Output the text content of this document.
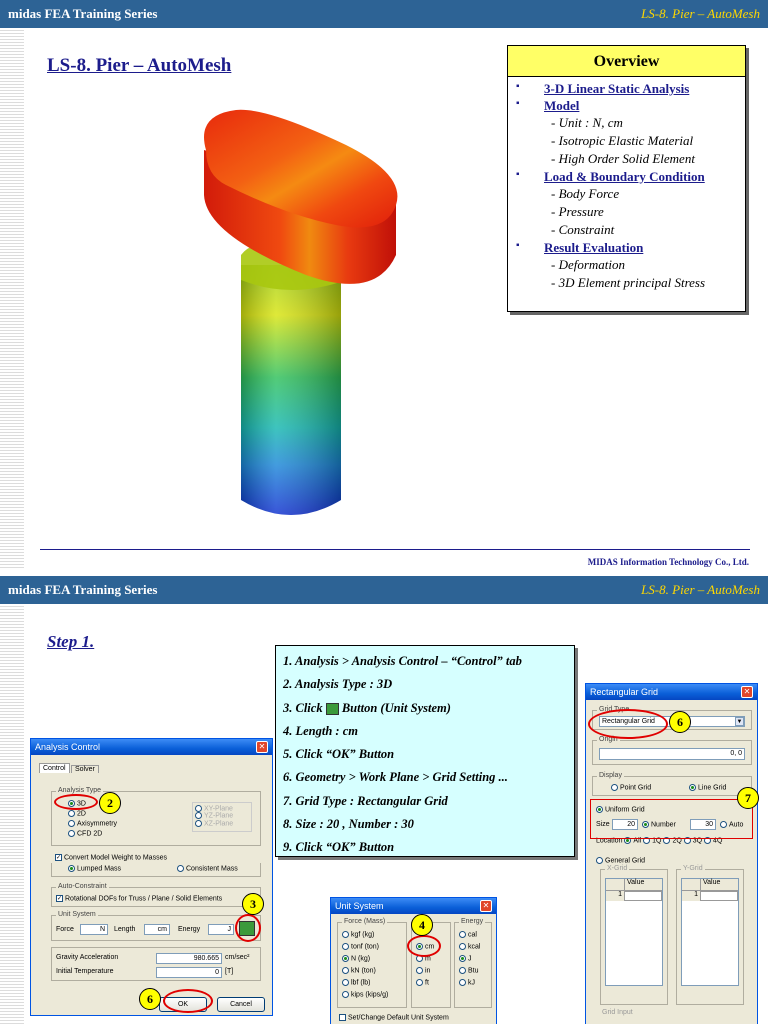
midas FEA Training Series	LS-8. Pier – AutoMesh
LS-8. Pier – AutoMesh	Overview
▪	3-D Linear Static Analysis
▪	Model
- Unit : N, cm
- Isotropic Elastic Material
- High Order Solid Element
▪	Load & Boundary Condition
- Body Force
- Pressure
- Constraint
▪	Result Evaluation
- Deformation
- 3D Element principal Stress
MIDAS Information Technology Co., Ltd.
midas FEA Training Series	LS-8. Pier – AutoMesh
Step 1.
1. Analysis > Analysis Control – “Control” tab
2. Analysis Type : 3D
3. Click Button (Unit System)
4. Length : cm
5. Click “OK” Button
6. Geometry > Work Plane > Grid Setting ...
7. Grid Type : Rectangular Grid
8. Size : 20 , Number : 30
9. Click “OK” Button
Analysis Control	✕
Control	Solver
Analysis Type
3D
2D
Axisymmetry
CFD 2D
XY-Plane
YZ-Plane
XZ-Plane
✓ Convert Model Weight to Masses
Lumped Mass	Consistent Mass
Auto-Constraint
✓ Rotational DOFs for Truss / Plane / Solid Elements
Unit System
Force	N	Length	cm	Energy	J
Gravity Acceleration	980.665 cm/sec²
Initial Temperature	0 [T]
OK	Cancel
Unit System	✕
Force (Mass)
kgf (kg)
tonf (ton)
N (kg)
kN (ton)
lbf (lb)
kips (kips/g)
cm
m
in
ft
Energy
cal
kcal
J
Btu
kJ
Set/Change Default Unit System
Rectangular Grid	✕
Grid Type
Rectangular Grid	▼
Origin
0, 0
Display
Point Grid	Line Grid
Uniform Grid
Size	20	Number	30	Auto
Location All 1Q 2Q 3Q 4Q
General Grid
X-Grid
Value
1
Y-Grid
Value
1
Grid Input
2
3
6
4
6
7
